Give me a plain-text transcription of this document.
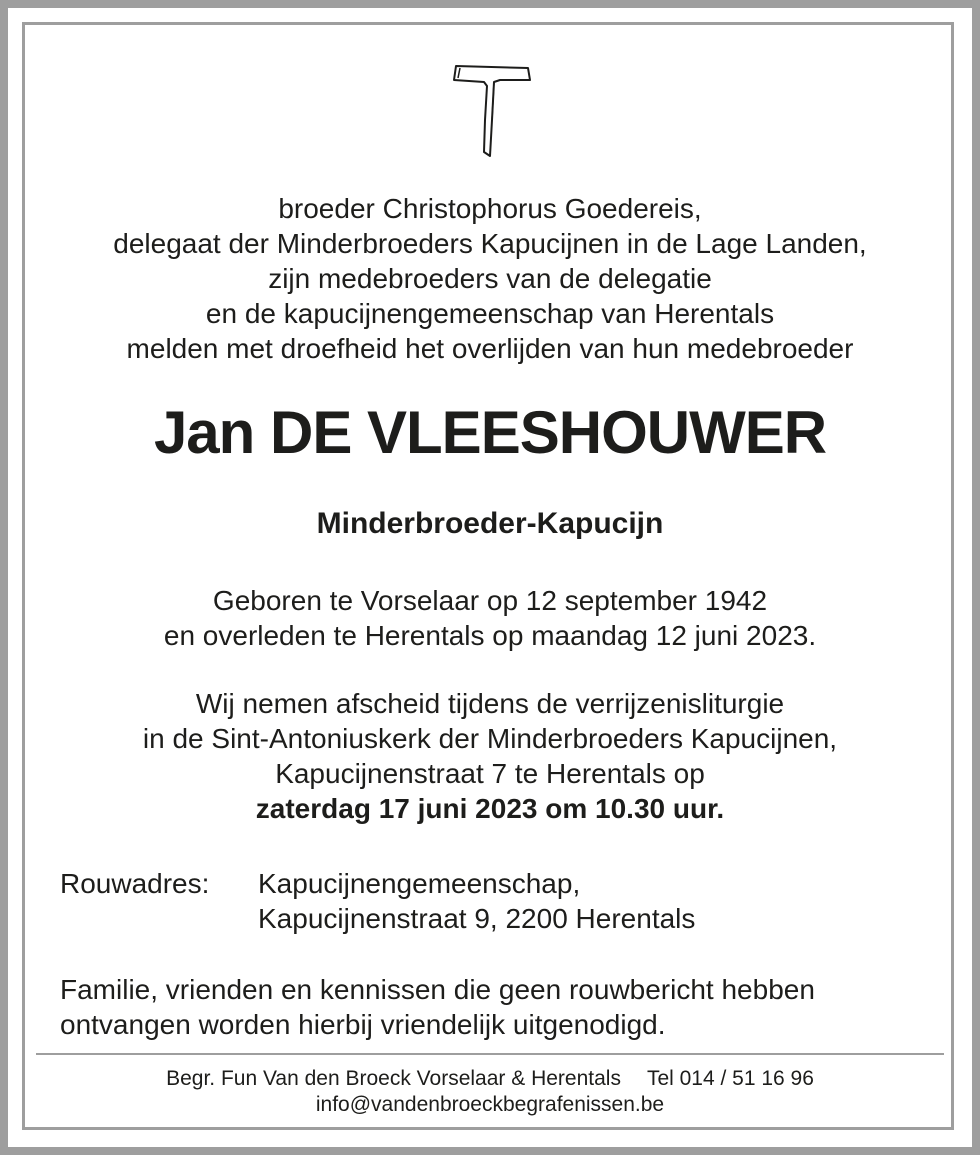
broeder Christophorus Goedereis,
delegaat der Minderbroeders Kapucijnen in de Lage Landen,
zijn medebroeders van de delegatie
en de kapucijnengemeenschap van Herentals
melden met droefheid het overlijden van hun medebroeder
Jan DE VLEESHOUWER
Minderbroeder-Kapucijn
Geboren te Vorselaar op 12 september 1942
en overleden te Herentals op maandag 12 juni 2023.
Wij nemen afscheid tijdens de verrijzenisliturgie
in de Sint-Antoniuskerk der Minderbroeders Kapucijnen,
Kapucijnenstraat 7 te Herentals op
zaterdag 17 juni 2023 om 10.30 uur.
Rouwadres: Kapucijnengemeenschap,
Kapucijnenstraat 9, 2200 Herentals
Familie, vrienden en kennissen die geen rouwbericht hebben
ontvangen worden hierbij vriendelijk uitgenodigd.
Begr. Fun Van den Broeck Vorselaar & Herentals Tel 014 / 51 16 96
info@vandenbroeckbegrafenissen.be
